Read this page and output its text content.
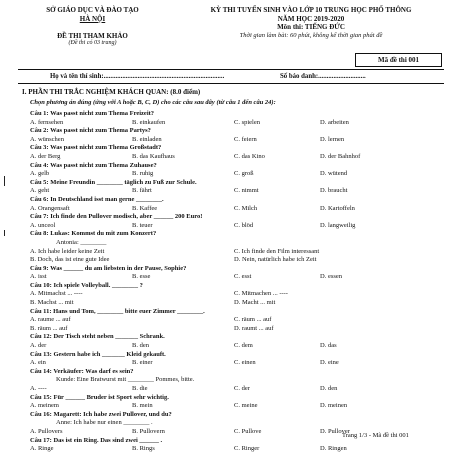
SỞ GIÁO DỤC VÀ ĐÀO TẠO
HÀ NỘI

ĐỀ THI THAM KHẢO
(Đề thi có 03 trang)
KỲ THI TUYỂN SINH VÀO LỚP 10 TRUNG HỌC PHỔ THÔNG
NĂM HỌC 2019-2020
Môn thi: TIẾNG ĐỨC
Thời gian làm bài: 60 phút, không kể thời gian phát đề
Mã đề thi 001
Họ và tên thí sinh:.......................................................................	Số báo danh:............................
I. PHẦN THI TRẮC NGHIỆM KHÁCH QUAN: (8.0 điểm)
Chọn phương án đúng (ứng với A hoặc B, C, D) cho các câu sau đây (từ câu 1 đến câu 24):
Câu 1: Was passt nicht zum Thema Freizeit?
A. fernsehen	B. einkaufen	C. spielen	D. arbeiten
Câu 2: Was passt nicht zum Thema Partys?
A. wünschen	B. einladen	C. feiern	D. lernen
Câu 3: Was passt nicht zum Thema Großstadt?
A. der Berg	B. das Kaufhaus	C. das Kino	D. der Bahnhof
Câu 4: Was passt nicht zum Thema Zuhause?
A. gelb	B. ruhig	C. groß	D. wütend
Câu 5: Meine Freundin ________ täglich zu Fuß zur Schule.
A. geht	B. fährt	C. nimmt	D. braucht
Câu 6: In Deutschland isst man gerne ________.
A. Orangensaft	B. Kaffee	C. Milch	D. Kartoffeln
Câu 7: Ich finde den Pullover modisch, aber ______ 200 Euro!
A. unceol	B. teuer	C. blöd	D. langweilig
Câu 8: Lukas: Kommst du mit zum Konzert?
Antonia: ________
A. Ich habe leider keine Zeit	C. Ich finde den Film interessant
B. Doch, das ist eine gute Idee	D. Nein, natürlich habe ich Zeit
Câu 9: Was ______ du am liebsten in der Pause, Sophie?
A. isst	B. esse	C. esst	D. essen
Câu 10: Ich spiele Volleyball. ________ ?
A. Mitmachst ... ----	C. Mitmachen ... ----
B. Machst ... mit	D. Macht ... mit
Câu 11: Hans und Tom, ________ bitte euer Zimmer ________.
A. raume ... auf	C. räum ... auf
B. räum ... auf	D. raumt ... auf
Câu 12: Der Tisch steht neben _______ Schrank.
A. der	B. den	C. dem	D. das
Câu 13: Gestern habe ich _______ Kleid gekauft.
A. ein	B. einer	C. einen	D. eine
Câu 14: Verkäufer: Was darf es sein?
Kunde: Eine Bratwurst mit ________ Pommes, bitte.
A. ----	B. die	C. der	D. den
Câu 15: Für ______ Bruder ist Sport sehr wichtig.
A. meinem	B. mein	C. meine	D. meinen
Câu 16: Magarett: Ich habe zwei Pullover, und du?
Anne: Ich habe nur einen ________ .
A. Pullovers	B. Pullovern	C. Pullove	D. Pullover
Câu 17: Das ist ein Ring. Das sind zwei ______ .
A. Ringe	B. Rings	C. Ringer	D. Ringen
Trang 1/3 - Mã đề thi 001
